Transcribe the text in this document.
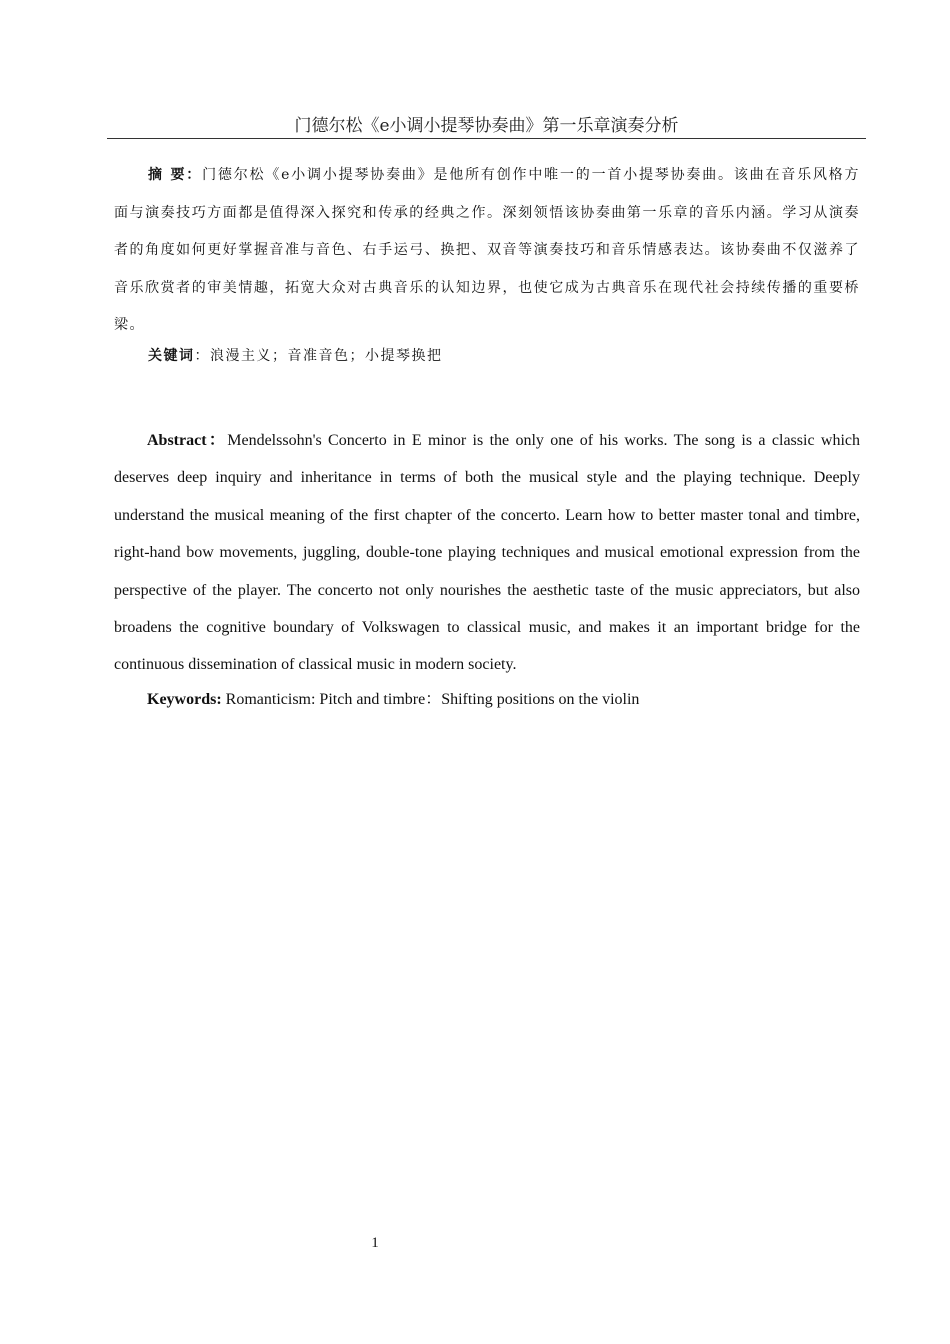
门德尔松《e小调小提琴协奏曲》第一乐章演奏分析

摘 要：门德尔松《e小调小提琴协奏曲》是他所有创作中唯一的一首小提琴协奏曲。该曲在音乐风格方面与演奏技巧方面都是值得深入探究和传承的经典之作。深刻领悟该协奏曲第一乐章的音乐内涵。学习从演奏者的角度如何更好掌握音准与音色、右手运弓、换把、双音等演奏技巧和音乐情感表达。该协奏曲不仅滋养了音乐欣赏者的审美情趣，拓宽大众对古典音乐的认知边界，也使它成为古典音乐在现代社会持续传播的重要桥梁。

关键词：浪漫主义；音准音色；小提琴换把

Abstract：Mendelssohn's Concerto in E minor is the only one of his works. The song is a classic which deserves deep inquiry and inheritance in terms of both the musical style and the playing technique. Deeply understand the musical meaning of the first chapter of the concerto. Learn how to better master tonal and timbre, right-hand bow movements, juggling, double-tone playing techniques and musical emotional expression from the perspective of the player. The concerto not only nourishes the aesthetic taste of the music appreciators, but also broadens the cognitive boundary of Volkswagen to classical music, and makes it an important bridge for the continuous dissemination of classical music in modern society.

Keywords: Romanticism: Pitch and timbre：Shifting positions on the violin

1
